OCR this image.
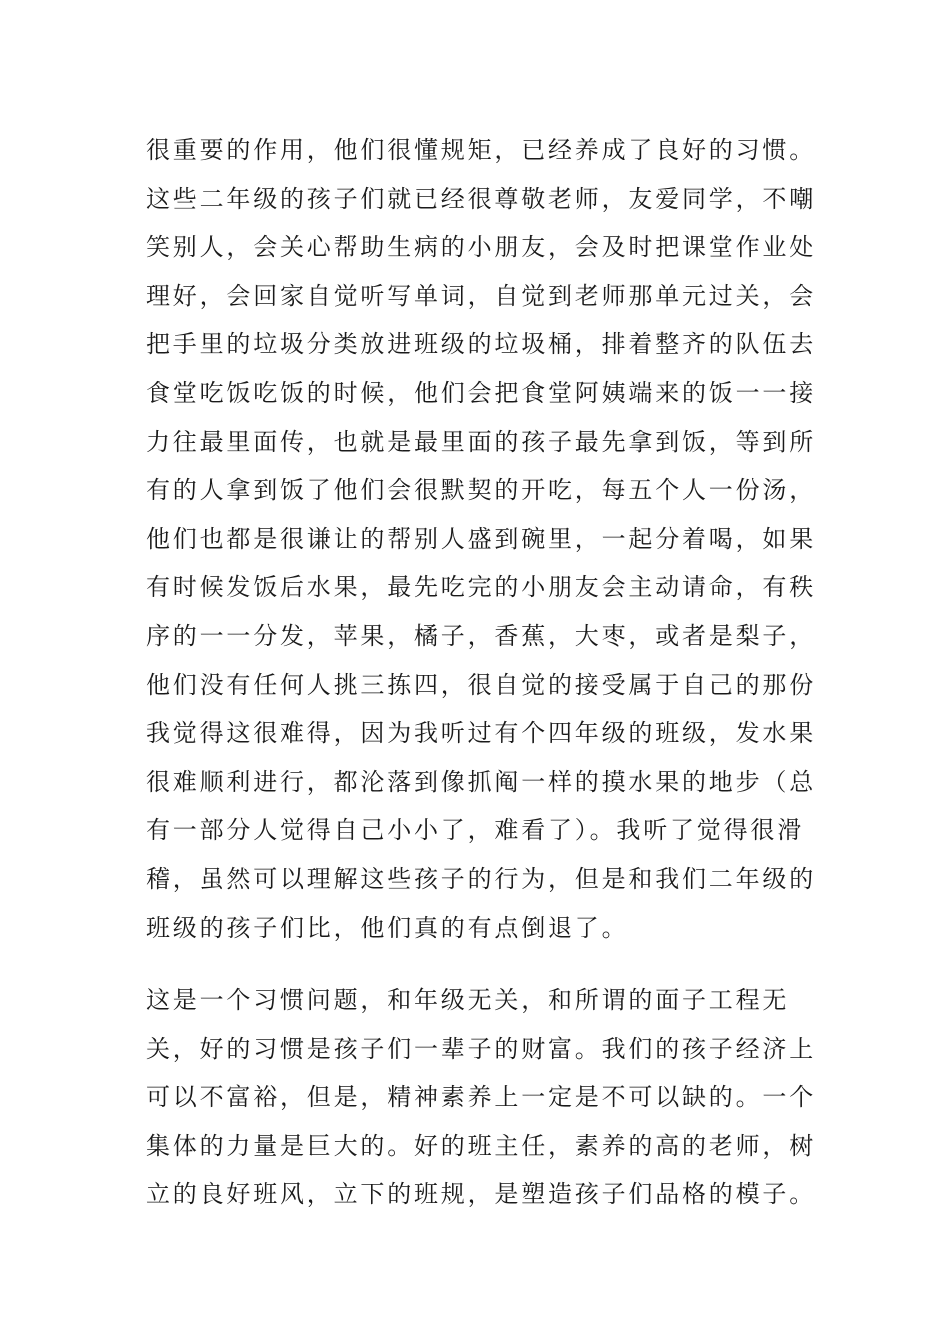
很重要的作用，他们很懂规矩，已经养成了良好的习惯。
这些二年级的孩子们就已经很尊敬老师，友爱同学，不嘲
笑别人，会关心帮助生病的小朋友，会及时把课堂作业处
理好，会回家自觉听写单词，自觉到老师那单元过关，会
把手里的垃圾分类放进班级的垃圾桶，排着整齐的队伍去
食堂吃饭吃饭的时候，他们会把食堂阿姨端来的饭一一接
力往最里面传，也就是最里面的孩子最先拿到饭，等到所
有的人拿到饭了他们会很默契的开吃，每五个人一份汤，
他们也都是很谦让的帮别人盛到碗里，一起分着喝，如果
有时候发饭后水果，最先吃完的小朋友会主动请命，有秩
序的一一分发，苹果，橘子，香蕉，大枣，或者是梨子，
他们没有任何人挑三拣四，很自觉的接受属于自己的那份
我觉得这很难得，因为我听过有个四年级的班级，发水果
很难顺利进行，都沦落到像抓阄一样的摸水果的地步（总
有一部分人觉得自己小小了，难看了）。我听了觉得很滑
稽，虽然可以理解这些孩子的行为，但是和我们二年级的
班级的孩子们比，他们真的有点倒退了。
这是一个习惯问题，和年级无关，和所谓的面子工程无
关，好的习惯是孩子们一辈子的财富。我们的孩子经济上
可以不富裕，但是，精神素养上一定是不可以缺的。一个
集体的力量是巨大的。好的班主任，素养的高的老师，树
立的良好班风，立下的班规，是塑造孩子们品格的模子。
